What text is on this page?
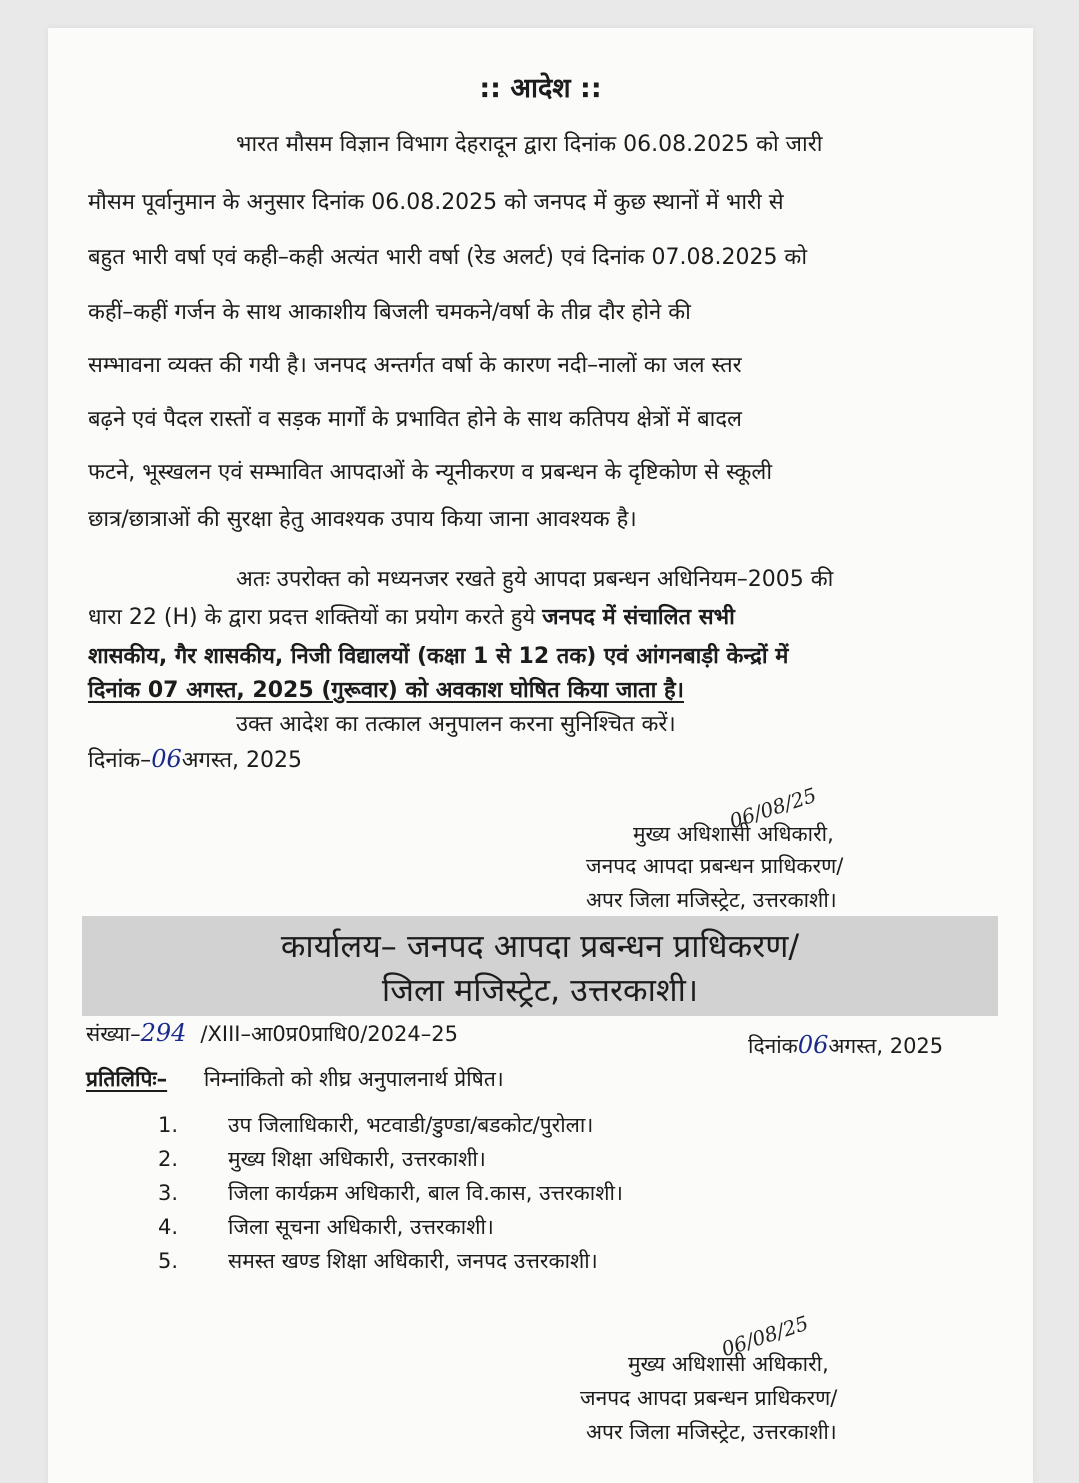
:: आदेश ::
भारत मौसम विज्ञान विभाग देहरादून द्वारा दिनांक 06.08.2025 को जारी
मौसम पूर्वानुमान के अनुसार दिनांक 06.08.2025 को जनपद में कुछ स्थानों में भारी से
बहुत भारी वर्षा एवं कही–कही अत्यंत भारी वर्षा (रेड अलर्ट) एवं दिनांक 07.08.2025 को
कहीं–कहीं गर्जन के साथ आकाशीय बिजली चमकने/वर्षा के तीव्र दौर होने की
सम्भावना व्यक्त की गयी है। जनपद अन्तर्गत वर्षा के कारण नदी–नालों का जल स्तर
बढ़ने एवं पैदल रास्तों व सड़क मार्गों के प्रभावित होने के साथ कतिपय क्षेत्रों में बादल
फटने, भूस्खलन एवं सम्भावित आपदाओं के न्यूनीकरण व प्रबन्धन के दृष्टिकोण से स्कूली
छात्र/छात्राओं की सुरक्षा हेतु आवश्यक उपाय किया जाना आवश्यक है।
अतः उपरोक्त को मध्यनजर रखते हुये आपदा प्रबन्धन अधिनियम–2005 की
धारा 22 (H) के द्वारा प्रदत्त शक्तियों का प्रयोग करते हुये जनपद में संचालित सभी
शासकीय, गैर शासकीय, निजी विद्यालयों (कक्षा 1 से 12 तक) एवं आंगनबाड़ी केन्द्रों में
दिनांक 07 अगस्त, 2025 (गुरूवार) को अवकाश घोषित किया जाता है।
उक्त आदेश का तत्काल अनुपालन करना सुनिश्चित करें।
दिनांक–06अगस्त, 2025
06/08/25
मुख्य अधिशासी अधिकारी,
जनपद आपदा प्रबन्धन प्राधिकरण/
अपर जिला मजिस्ट्रेट, उत्तरकाशी।
कार्यालय– जनपद आपदा प्रबन्धन प्राधिकरण/
जिला मजिस्ट्रेट, उत्तरकाशी।
संख्या–294 /XIII–आ0प्र0प्राधि0/2024–25	दिनांक06अगस्त, 2025
प्रतिलिपिः– निम्नांकितो को शीघ्र अनुपालनार्थ प्रेषित।
1. उप जिलाधिकारी, भटवाडी/डुण्डा/बडकोट/पुरोला।
2. मुख्य शिक्षा अधिकारी, उत्तरकाशी।
3. जिला कार्यक्रम अधिकारी, बाल वि.कास, उत्तरकाशी।
4. जिला सूचना अधिकारी, उत्तरकाशी।
5. समस्त खण्ड शिक्षा अधिकारी, जनपद उत्तरकाशी।
06/08/25
मुख्य अधिशासी अधिकारी,
जनपद आपदा प्रबन्धन प्राधिकरण/
अपर जिला मजिस्ट्रेट, उत्तरकाशी।
